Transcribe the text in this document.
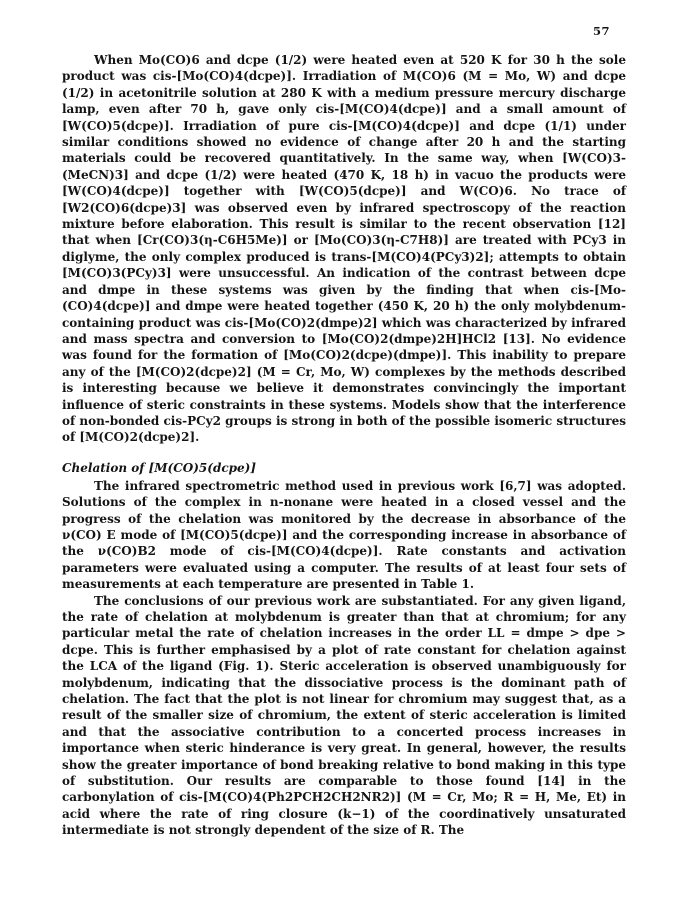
57

When Mo(CO)6 and dcpe (1/2) were heated even at 520 K for 30 h the sole product was cis-[Mo(CO)4(dcpe)]. Irradiation of M(CO)6 (M = Mo, W) and dcpe (1/2) in acetonitrile solution at 280 K with a medium pressure mercury discharge lamp, even after 70 h, gave only cis-[M(CO)4(dcpe)] and a small amount of [W(CO)5(dcpe)]. Irradiation of pure cis-[M(CO)4(dcpe)] and dcpe (1/1) under similar conditions showed no evidence of change after 20 h and the starting materials could be recovered quantitatively. In the same way, when [W(CO)3-(MeCN)3] and dcpe (1/2) were heated (470 K, 18 h) in vacuo the products were [W(CO)4(dcpe)] together with [W(CO)5(dcpe)] and W(CO)6. No trace of [W2(CO)6(dcpe)3] was observed even by infrared spectroscopy of the reaction mixture before elaboration. This result is similar to the recent observation [12] that when [Cr(CO)3(η-C6H5Me)] or [Mo(CO)3(η-C7H8)] are treated with PCy3 in diglyme, the only complex produced is trans-[M(CO)4(PCy3)2]; attempts to obtain [M(CO)3(PCy)3] were unsuccessful. An indication of the contrast between dcpe and dmpe in these systems was given by the finding that when cis-[Mo-(CO)4(dcpe)] and dmpe were heated together (450 K, 20 h) the only molybdenum-containing product was cis-[Mo(CO)2(dmpe)2] which was characterized by infrared and mass spectra and conversion to [Mo(CO)2(dmpe)2H]HCl2 [13]. No evidence was found for the formation of [Mo(CO)2(dcpe)(dmpe)]. This inability to prepare any of the [M(CO)2(dcpe)2] (M = Cr, Mo, W) complexes by the methods described is interesting because we believe it demonstrates convincingly the important influence of steric constraints in these systems. Models show that the interference of non-bonded cis-PCy2 groups is strong in both of the possible isomeric structures of [M(CO)2(dcpe)2].

Chelation of [M(CO)5(dcpe)]

The infrared spectrometric method used in previous work [6,7] was adopted. Solutions of the complex in n-nonane were heated in a closed vessel and the progress of the chelation was monitored by the decrease in absorbance of the ν(CO) E mode of [M(CO)5(dcpe)] and the corresponding increase in absorbance of the ν(CO)B2 mode of cis-[M(CO)4(dcpe)]. Rate constants and activation parameters were evaluated using a computer. The results of at least four sets of measurements at each temperature are presented in Table 1.

The conclusions of our previous work are substantiated. For any given ligand, the rate of chelation at molybdenum is greater than that at chromium; for any particular metal the rate of chelation increases in the order LL = dmpe > dpe > dcpe. This is further emphasised by a plot of rate constant for chelation against the LCA of the ligand (Fig. 1). Steric acceleration is observed unambiguously for molybdenum, indicating that the dissociative process is the dominant path of chelation. The fact that the plot is not linear for chromium may suggest that, as a result of the smaller size of chromium, the extent of steric acceleration is limited and that the associative contribution to a concerted process increases in importance when steric hinderance is very great. In general, however, the results show the greater importance of bond breaking relative to bond making in this type of substitution. Our results are comparable to those found [14] in the carbonylation of cis-[M(CO)4(Ph2PCH2CH2NR2)] (M = Cr, Mo; R = H, Me, Et) in acid where the rate of ring closure (k−1) of the coordinatively unsaturated intermediate is not strongly dependent of the size of R. The
